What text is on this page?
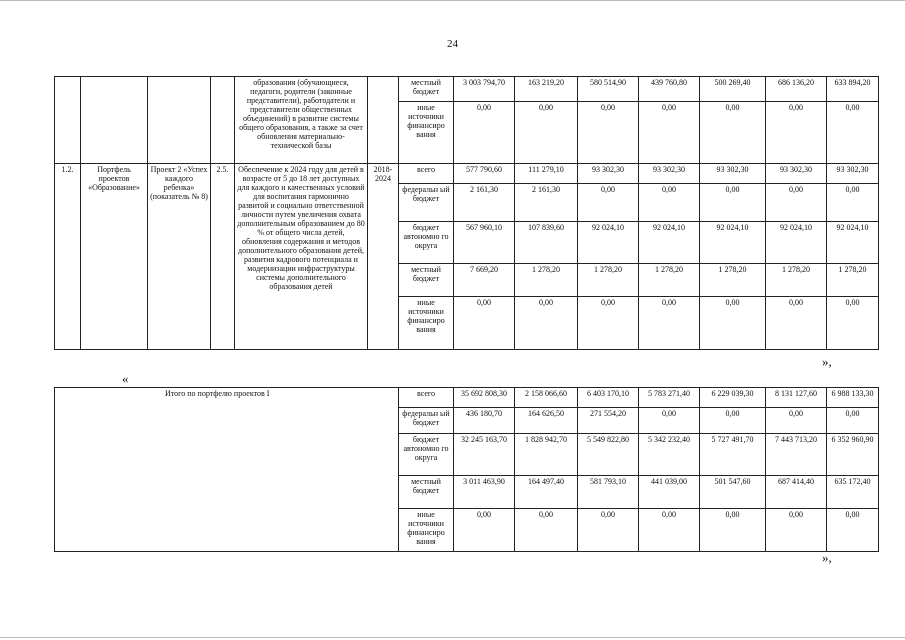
24
				образования (обучающиеся, педагоги, родители (законные представители), работодатели и представители общественных объединений) в развитие системы общего образования, а также за счет обновления материально-технической базы		местный бюджет	3 003 794,70	163 219,20	580 514,90	439 760,80	500 269,40	686 136,20	633 894,20
						иные источники финансиро вания	0,00	0,00	0,00	0,00	0,00	0,00	0,00
1.2.	Портфель проектов «Образование»	Проект 2 «Успех каждого ребенка» (показатель № 8)	2.5.	Обеспечение к 2024 году для детей в возрасте от 5 до 18 лет доступных для каждого и качественных условий для воспитания гармонично развитой и социально ответственной личности путем увеличения охвата дополнительным образованием до 80 % от общего числа детей, обновления содержания и методов дополнительного образования детей, развития кадрового потенциала и модернизации инфраструктуры системы дополнительного образования детей	2018-2024	всего	577 790,60	111 279,10	93 302,30	93 302,30	93 302,30	93 302,30	93 302,30
						федеральн ый бюджет	2 161,30	2 161,30	0,00	0,00	0,00	0,00	0,00
						бюджет автономно го округа	567 960,10	107 839,60	92 024,10	92 024,10	92 024,10	92 024,10	92 024,10
						местный бюджет	7 669,20	1 278,20	1 278,20	1 278,20	1 278,20	1 278,20	1 278,20
						иные источники финансиро вания	0,00	0,00	0,00	0,00	0,00	0,00	0,00
»,
«
Итого по портфелю проектов I	всего	35 692 808,30	2 158 066,60	6 403 170,10	5 783 271,40	6 229 039,30	8 131 127,60	6 988 133,30
	федеральн ый бюджет	436 180,70	164 626,50	271 554,20	0,00	0,00	0,00	0,00
	бюджет автономно го округа	32 245 163,70	1 828 942,70	5 549 822,80	5 342 232,40	5 727 491,70	7 443 713,20	6 352 960,90
	местный бюджет	3 011 463,90	164 497,40	581 793,10	441 039,00	501 547,60	687 414,40	635 172,40
	иные источники финансиро вания	0,00	0,00	0,00	0,00	0,00	0,00	0,00
»,
